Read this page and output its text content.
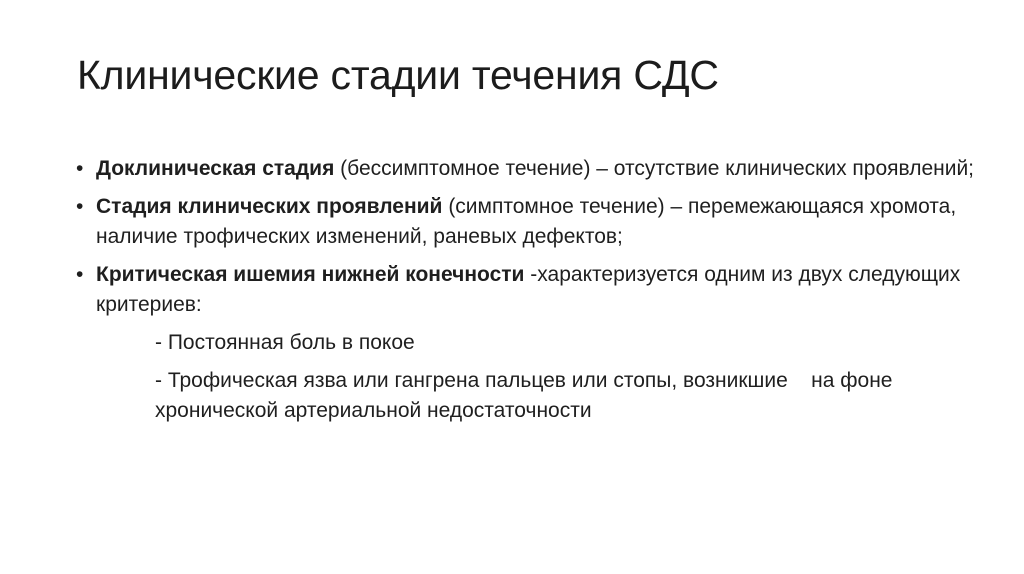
Клинические стадии течения СДС
• Доклиническая стадия (бессимптомное течение) – отсутствие клинических проявлений;
• Стадия клинических проявлений (симптомное течение) – перемежающаяся хромота, наличие трофических изменений, раневых дефектов;
• Критическая ишемия нижней конечности -характеризуется одним из двух следующих критериев:
- Постоянная боль в покое
- Трофическая язва или гангрена пальцев или стопы, возникшие    на фоне хронической артериальной недостаточности
